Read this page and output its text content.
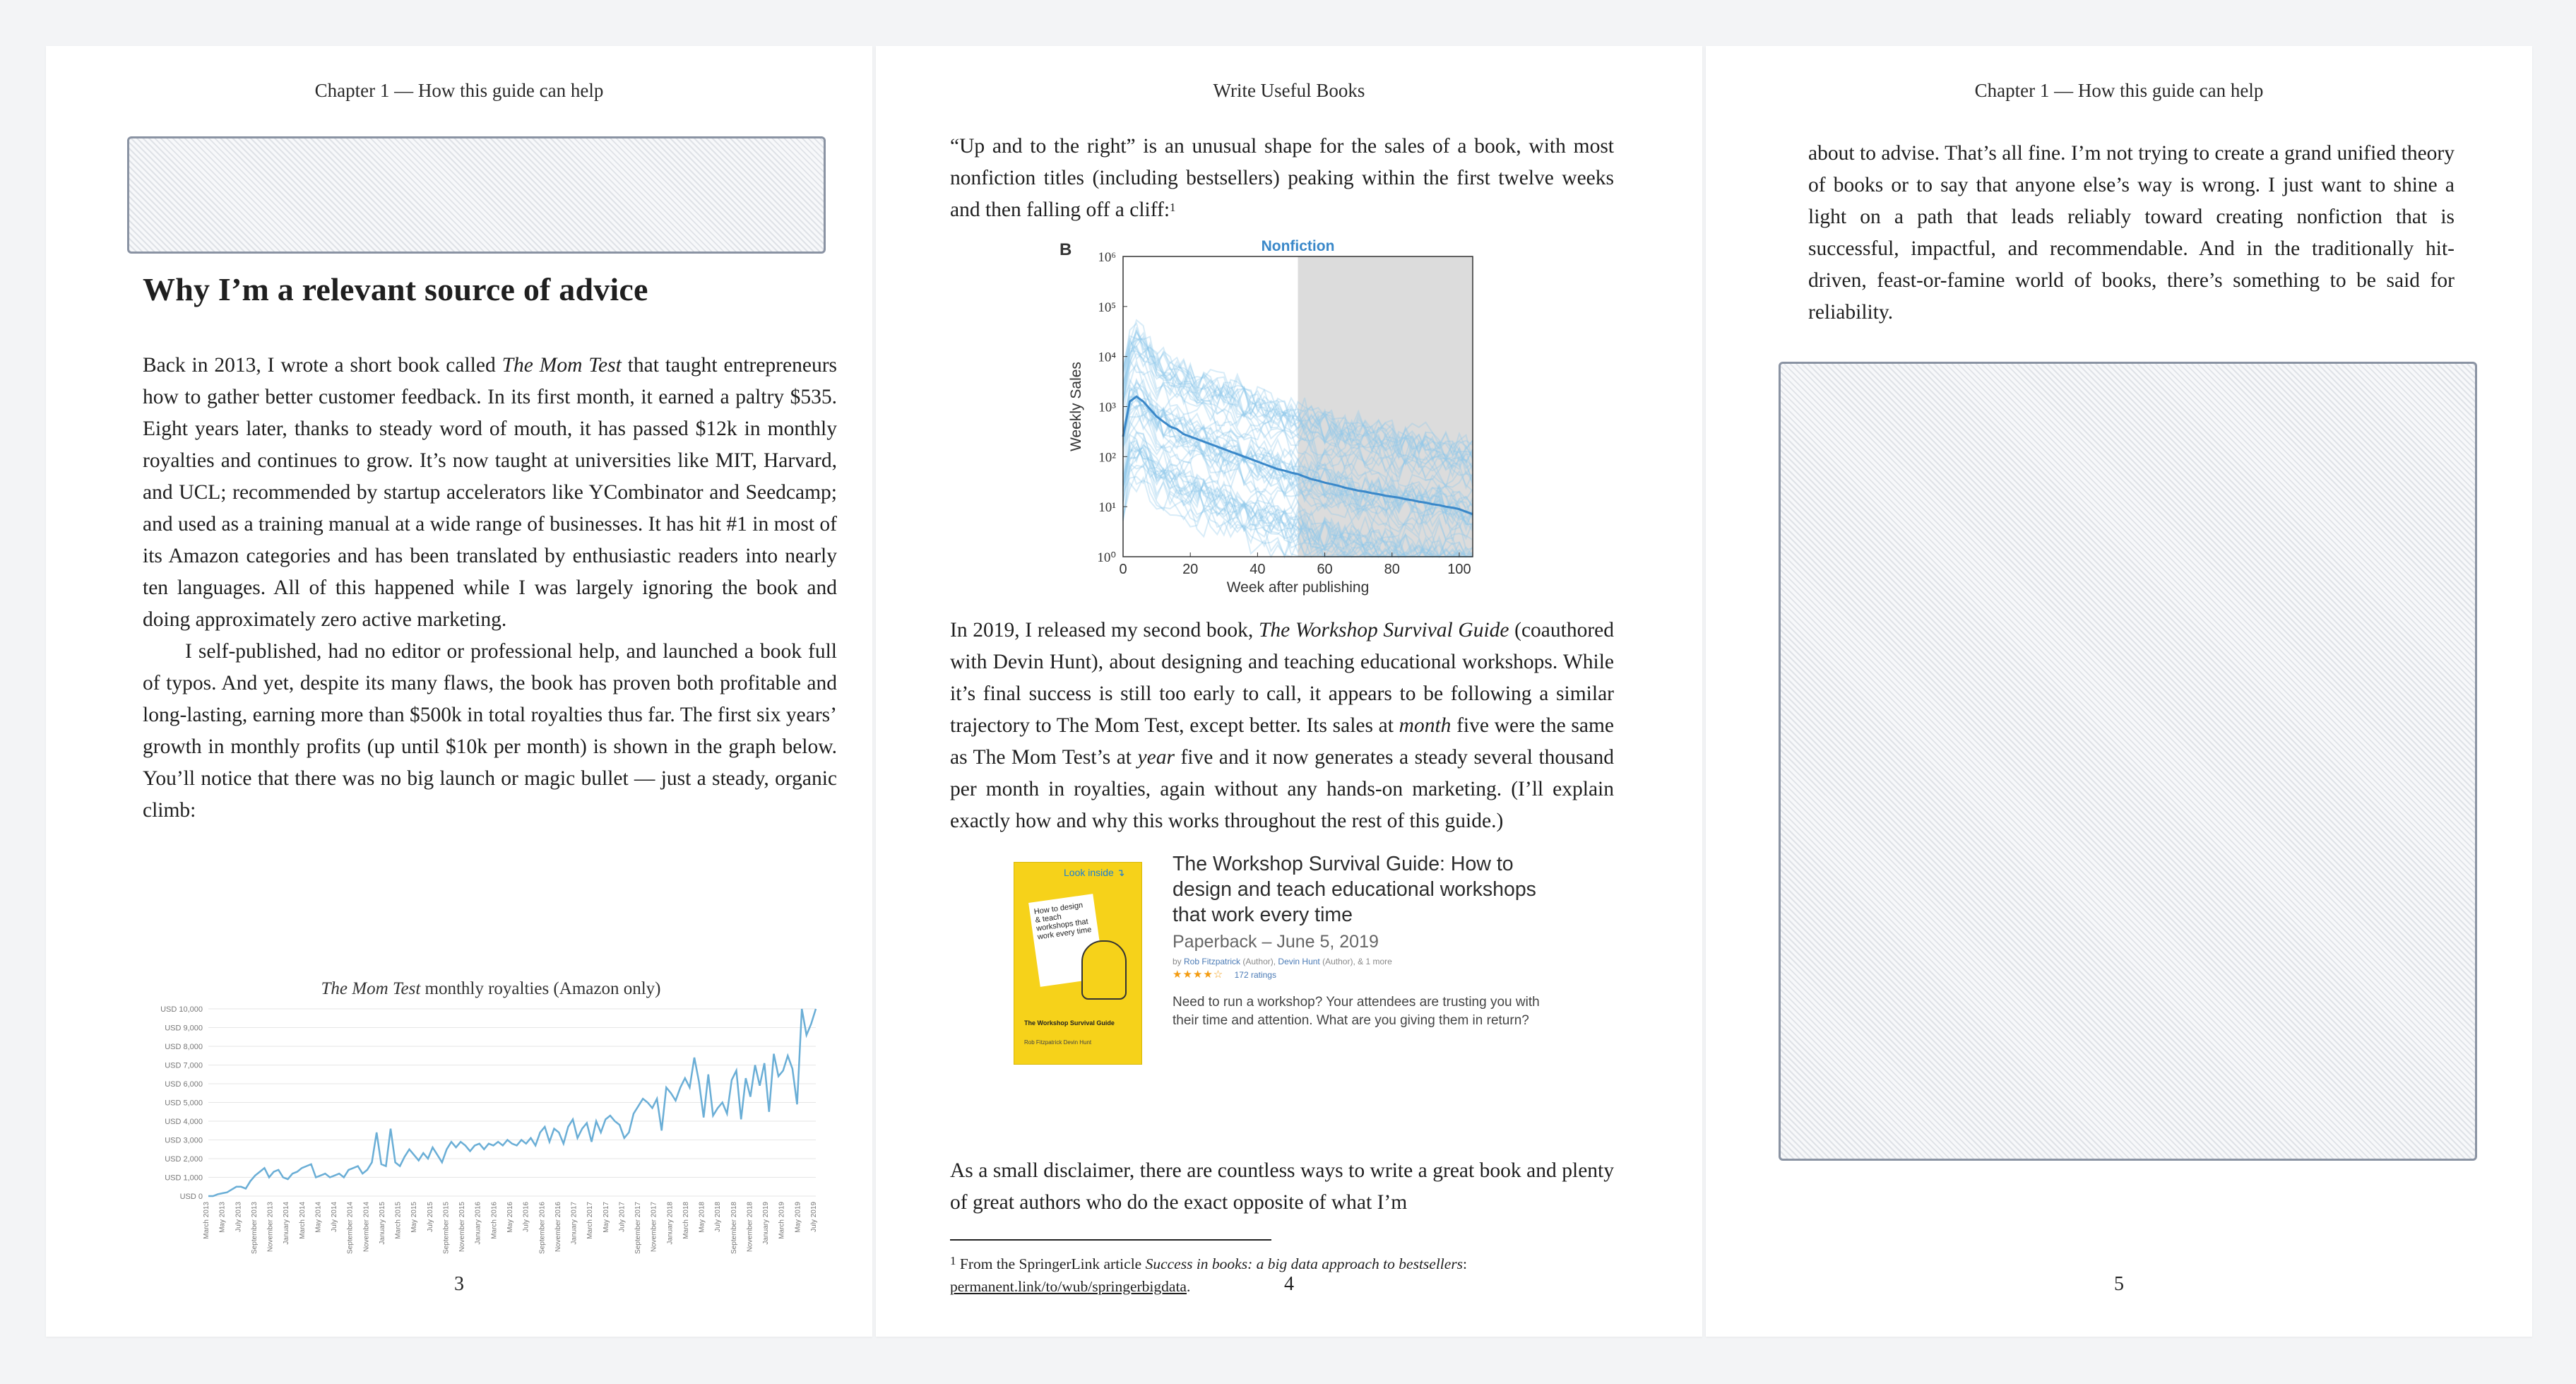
Chapter 1 — How this guide can help
Why I’m a relevant source of advice

Back in 2013, I wrote a short book called The Mom Test that taught entrepreneurs how to gather better customer feedback. In its first month, it earned a paltry $535. Eight years later, thanks to steady word of mouth, it has passed $12k in monthly royalties and continues to grow. It’s now taught at universities like MIT, Harvard, and UCL; recommended by startup accelerators like YCombinator and Seedcamp; and used as a training manual at a wide range of businesses. It has hit #1 in most of its Amazon categories and has been translated by enthusiastic readers into nearly ten languages. All of this happened while I was largely ignoring the book and doing approximately zero active marketing.

I self-published, had no editor or professional help, and launched a book full of typos. And yet, despite its many flaws, the book has proven both profitable and long-lasting, earning more than $500k in total royalties thus far. The first six years’ growth in monthly profits (up until $10k per month) is shown in the graph below. You’ll notice that there was no big launch or magic bullet — just a steady, organic climb:

The Mom Test monthly royalties (Amazon only)
USD 0
USD 1,000
USD 2,000
USD 3,000
USD 4,000
USD 5,000
USD 6,000
USD 7,000
USD 8,000
USD 9,000
USD 10,000
March 2013 May 2013 July 2013 September 2013 November 2013 January 2014 March 2014 May 2014 July 2014 September 2014 November 2014 January 2015 March 2015 May 2015 July 2015 September 2015 November 2015 January 2016 March 2016 May 2016 July 2016 September 2016 November 2016 January 2017 March 2017 May 2017 July 2017 September 2017 November 2017 January 2018 March 2018 May 2018 July 2018 September 2018 November 2018 January 2019 March 2019 May 2019 July 2019
3
Write Useful Books

“Up and to the right” is an unusual shape for the sales of a book, with most nonfiction titles (including bestsellers) peaking within the first twelve weeks and then falling off a cliff:$^1$

10⁰
10¹
10²
10³
10⁴
10⁵
10⁶
0	20	40	60	80	100
Week after publishing
Weekly Sales
Nonfiction
B

In 2019, I released my second book, The Workshop Survival Guide (coauthored with Devin Hunt), about designing and teaching educational workshops. While it’s final success is still too early to call, it appears to be following a similar trajectory to The Mom Test, except better. Its sales at month five were the same as The Mom Test’s at year five and it now generates a steady several thousand per month in royalties, again without any hands-on marketing. (I’ll explain exactly how and why this works throughout the rest of this guide.)

Look inside ↴
How to design & teach workshops that work every time
The Workshop Survival Guide
Rob Fitzpatrick Devin Hunt
The Workshop Survival Guide: How to design and teach educational workshops that work every time
Paperback – June 5, 2019
by Rob Fitzpatrick (Author), Devin Hunt (Author), & 1 more
★★★★☆ 172 ratings
Need to run a workshop? Your attendees are trusting you with their time and attention. What are you giving them in return?

As a small disclaimer, there are countless ways to write a great book and plenty of great authors who do the exact opposite of what I’m

$^1$ From the SpringerLink article Success in books: a big data approach to bestsellers: permanent.link/to/wub/springerbigdata.	4
Chapter 1 — How this guide can help

about to advise. That’s all fine. I’m not trying to create a grand unified theory of books or to say that anyone else’s way is wrong. I just want to shine a light on a path that leads reliably toward creating nonfiction that is successful, impactful, and recommendable. And in the traditionally hit-driven, feast-or-famine world of books, there’s something to be said for reliability.

5
